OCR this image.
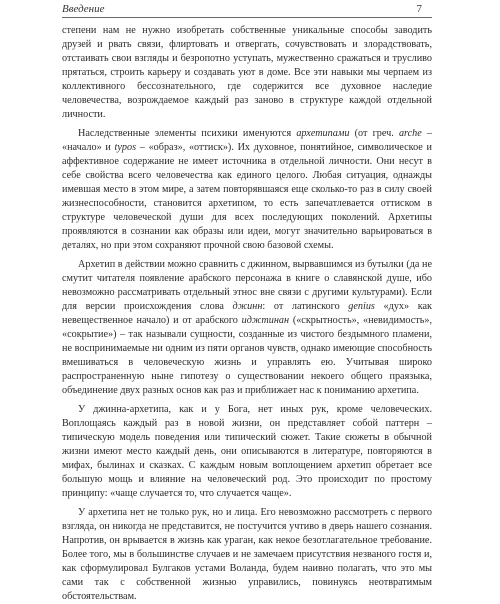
Введение	7

степени нам не нужно изобретать собственные уникальные способы заводить друзей и рвать связи, флиртовать и отвергать, сочувствовать и злорадствовать, отстаивать свои взгляды и безропотно уступать, мужественно сражаться и трусливо прятаться, строить карьеру и создавать уют в доме. Все эти навыки мы черпаем из коллективного бессознательного, где содержится все духовное наследие человечества, возрождаемое каждый раз заново в структуре каждой отдельной личности.

Наследственные элементы психики именуются архетипами (от греч. arche – «начало» и typos – «образ», «оттиск»). Их духовное, понятийное, символическое и аффективное содержание не имеет источника в отдельной личности. Они несут в себе свойства всего человечества как единого целого. Любая ситуация, однажды имевшая место в этом мире, а затем повторявшаяся еще сколько-то раз в силу своей жизнеспособности, становится архетипом, то есть запечатлевается оттиском в структуре человеческой души для всех последующих поколений. Архетипы проявляются в сознании как образы или идеи, могут значительно варьироваться в деталях, но при этом сохраняют прочной свою базовой схемы.

Архетип в действии можно сравнить с джинном, вырвавшимся из бутылки (да не смутит читателя появление арабского персонажа в книге о славянской душе, ибо невозможно рассматривать отдельный этнос вне связи с другими культурами). Если для версии происхождения слова джинн: от латинского genius «дух» как невещественное начало) и от арабского иджтинан («скрытность», «невидимость», «сокрытие») – так называли сущности, созданные из чистого бездымного пламени, не воспринимаемые ни одним из пяти органов чувств, однако имеющие способность вмешиваться в человеческую жизнь и управлять ею. Учитывая широко распространенную ныне гипотезу о существовании некоего общего праязыка, объединение двух разных основ как раз и приближает нас к пониманию архетипа.

У джинна-архетипа, как и у Бога, нет иных рук, кроме человеческих. Воплощаясь каждый раз в новой жизни, он представляет собой паттерн – типическую модель поведения или типический сюжет. Такие сюжеты в обычной жизни имеют место каждый день, они описываются в литературе, повторяются в мифах, былинах и сказках. С каждым новым воплощением архетип обретает все большую мощь и влияние на человеческий род. Это происходит по простому принципу: «чаще случается то, что случается чаще».

У архетипа нет не только рук, но и лица. Его невозможно рассмотреть с первого взгляда, он никогда не представится, не постучится учтиво в дверь нашего сознания. Напротив, он врывается в жизнь как ураган, как некое безотлагательное требование. Более того, мы в большинстве случаев и не замечаем присутствия незваного гостя и, как сформулировал Булгаков устами Воланда, будем наивно полагать, что это мы сами так с собственной жизнью управились, повинуясь неотвратимым обстоятельствам.
